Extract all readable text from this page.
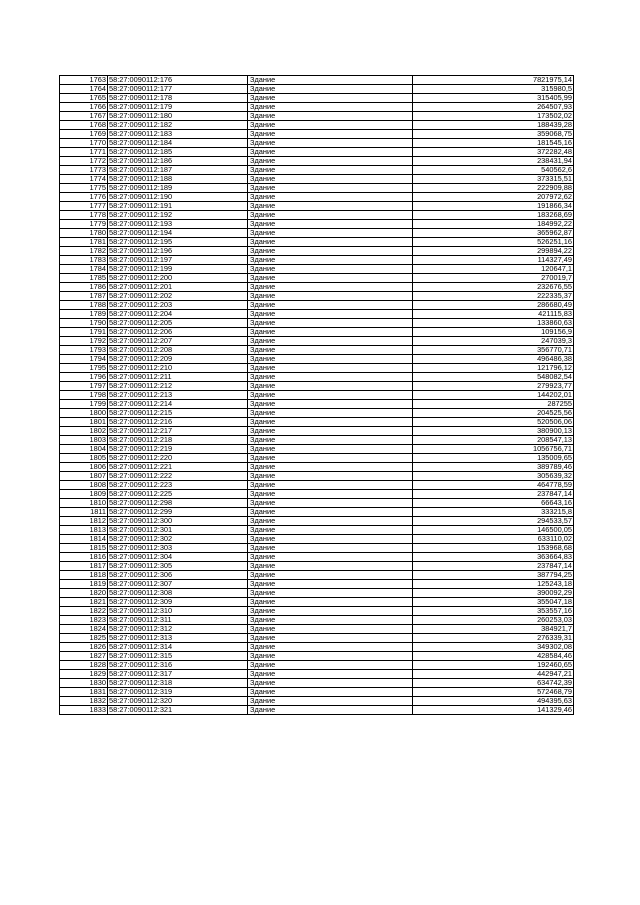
1763	58:27:0090112:176	Здание	7821975,14
1764	58:27:0090112:177	Здание	315980,5
1765	58:27:0090112:178	Здание	315405,99
1766	58:27:0090112:179	Здание	264507,93
1767	58:27:0090112:180	Здание	173502,02
1768	58:27:0090112:182	Здание	188439,28
1769	58:27:0090112:183	Здание	359068,75
1770	58:27:0090112:184	Здание	181545,16
1771	58:27:0090112:185	Здание	372282,48
1772	58:27:0090112:186	Здание	238431,94
1773	58:27:0090112:187	Здание	540562,6
1774	58:27:0090112:188	Здание	373315,51
1775	58:27:0090112:189	Здание	222909,88
1776	58:27:0090112:190	Здание	207972,62
1777	58:27:0090112:191	Здание	191866,34
1778	58:27:0090112:192	Здание	183268,69
1779	58:27:0090112:193	Здание	184992,22
1780	58:27:0090112:194	Здание	365962,87
1781	58:27:0090112:195	Здание	526251,16
1782	58:27:0090112:196	Здание	299894,22
1783	58:27:0090112:197	Здание	114327,49
1784	58:27:0090112:199	Здание	120647,1
1785	58:27:0090112:200	Здание	270019,7
1786	58:27:0090112:201	Здание	232676,55
1787	58:27:0090112:202	Здание	222335,37
1788	58:27:0090112:203	Здание	286680,49
1789	58:27:0090112:204	Здание	421115,83
1790	58:27:0090112:205	Здание	133860,63
1791	58:27:0090112:206	Здание	109156,9
1792	58:27:0090112:207	Здание	247039,3
1793	58:27:0090112:208	Здание	356770,71
1794	58:27:0090112:209	Здание	496486,38
1795	58:27:0090112:210	Здание	121796,12
1796	58:27:0090112:211	Здание	548082,54
1797	58:27:0090112:212	Здание	279923,77
1798	58:27:0090112:213	Здание	144202,01
1799	58:27:0090112:214	Здание	287255
1800	58:27:0090112:215	Здание	204525,56
1801	58:27:0090112:216	Здание	520506,06
1802	58:27:0090112:217	Здание	380900,13
1803	58:27:0090112:218	Здание	208547,13
1804	58:27:0090112:219	Здание	1056756,71
1805	58:27:0090112:220	Здание	135009,65
1806	58:27:0090112:221	Здание	389789,46
1807	58:27:0090112:222	Здание	305639,32
1808	58:27:0090112:223	Здание	464778,59
1809	58:27:0090112:225	Здание	237847,14
1810	58:27:0090112:298	Здание	66643,16
1811	58:27:0090112:299	Здание	333215,8
1812	58:27:0090112:300	Здание	294533,57
1813	58:27:0090112:301	Здание	146500,05
1814	58:27:0090112:302	Здание	633110,02
1815	58:27:0090112:303	Здание	153968,68
1816	58:27:0090112:304	Здание	363664,83
1817	58:27:0090112:305	Здание	237847,14
1818	58:27:0090112:306	Здание	387794,25
1819	58:27:0090112:307	Здание	125243,18
1820	58:27:0090112:308	Здание	390092,29
1821	58:27:0090112:309	Здание	355047,18
1822	58:27:0090112:310	Здание	353557,16
1823	58:27:0090112:311	Здание	260253,03
1824	58:27:0090112:312	Здание	384921,7
1825	58:27:0090112:313	Здание	276339,31
1826	58:27:0090112:314	Здание	349302,08
1827	58:27:0090112:315	Здание	428584,46
1828	58:27:0090112:316	Здание	192460,65
1829	58:27:0090112:317	Здание	442947,21
1830	58:27:0090112:318	Здание	634742,39
1831	58:27:0090112:319	Здание	572468,79
1832	58:27:0090112:320	Здание	494395,63
1833	58:27:0090112:321	Здание	141329,46
